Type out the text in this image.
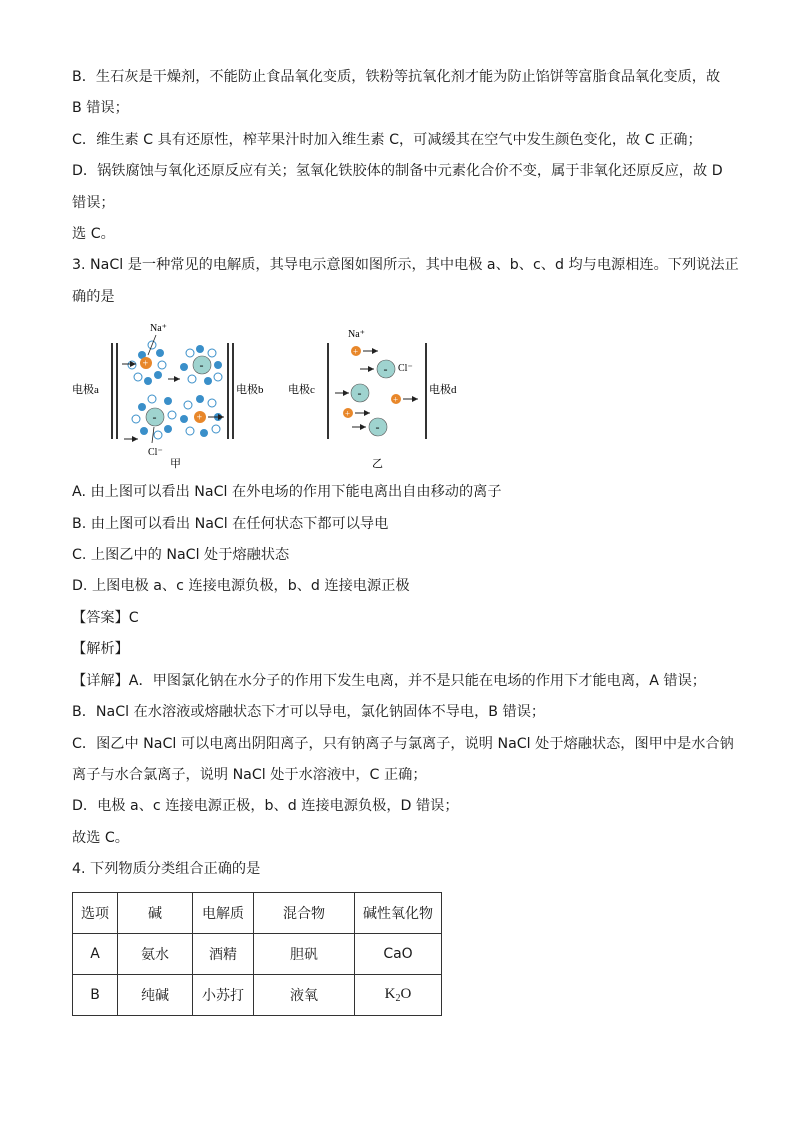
B．生石灰是干燥剂，不能防止食品氧化变质，铁粉等抗氧化剂才能为防止馅饼等富脂食品氧化变质，故
B 错误；
C．维生素 C 具有还原性，榨苹果汁时加入维生素 C，可减缓其在空气中发生颜色变化，故 C 正确；
D．锅铁腐蚀与氧化还原反应有关；氢氧化铁胶体的制备中元素化合价不变，属于非氧化还原反应，故 D
错误；
选 C。
3. NaCl 是一种常见的电解质，其导电示意图如图所示，其中电极 a、b、c、d 均与电源相连。下列说法正
确的是
电极a	电极b
+
Na⁺
-
-
Cl⁻
+
甲
电极c	电极d
Na⁺
+
- Cl⁻
-	+
+
-
乙
A. 由上图可以看出 NaCl 在外电场的作用下能电离出自由移动的离子
B. 由上图可以看出 NaCl 在任何状态下都可以导电
C. 上图乙中的 NaCl 处于熔融状态
D. 上图电极 a、c 连接电源负极，b、d 连接电源正极
【答案】C
【解析】
【详解】A．甲图氯化钠在水分子的作用下发生电离，并不是只能在电场的作用下才能电离，A 错误；
B．NaCl 在水溶液或熔融状态下才可以导电，氯化钠固体不导电，B 错误；
C．图乙中 NaCl 可以电离出阴阳离子，只有钠离子与氯离子，说明 NaCl 处于熔融状态，图甲中是水合钠
离子与水合氯离子，说明 NaCl 处于水溶液中，C 正确；
D．电极 a、c 连接电源正极，b、d 连接电源负极，D 错误；
故选 C。
4. 下列物质分类组合正确的是
选项	碱	电解质	混合物	碱性氧化物
A	氨水	酒精	胆矾	CaO
B	纯碱	小苏打	液氧	$K_2O$
